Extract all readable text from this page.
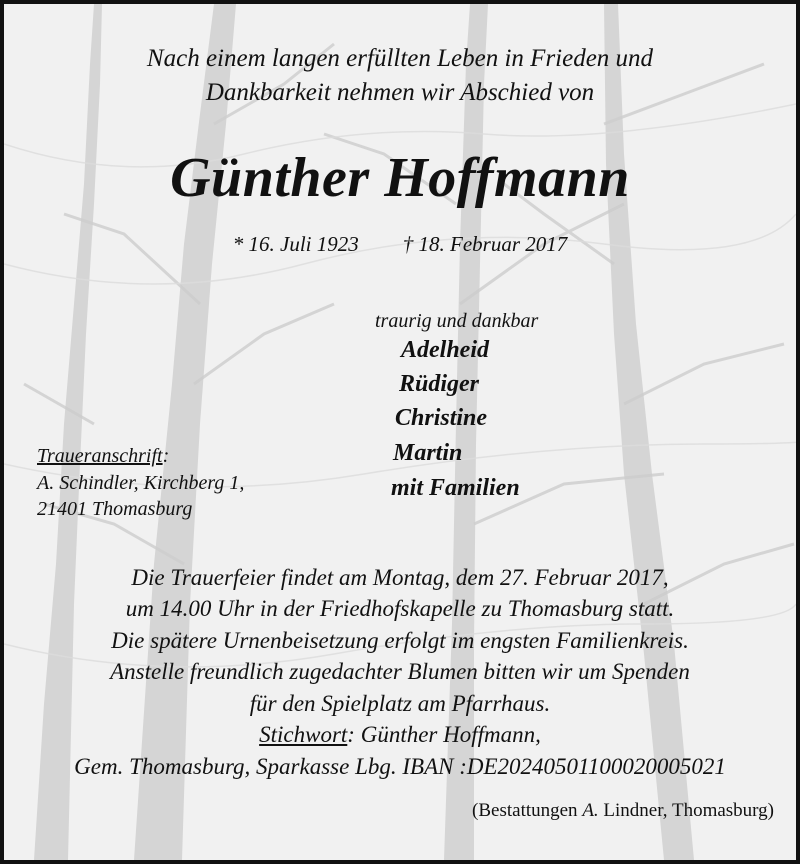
Nach einem langen erfüllten Leben in Frieden und
Dankbarkeit nehmen wir Abschied von
Günther Hoffmann
* 16. Juli 1923 † 18. Februar 2017
traurig und dankbar
Adelheid
Rüdiger
Christine
Martin
mit Familien
Traueranschrift:
A. Schindler, Kirchberg 1,
21401 Thomasburg
Die Trauerfeier findet am Montag, dem 27. Februar 2017,
um 14.00 Uhr in der Friedhofskapelle zu Thomasburg statt.
Die spätere Urnenbeisetzung erfolgt im engsten Familienkreis.
Anstelle freundlich zugedachter Blumen bitten wir um Spenden
für den Spielplatz am Pfarrhaus.
Stichwort: Günther Hoffmann,
Gem. Thomasburg, Sparkasse Lbg. IBAN :DE20240501100020005021
(Bestattungen A. Lindner, Thomasburg)
